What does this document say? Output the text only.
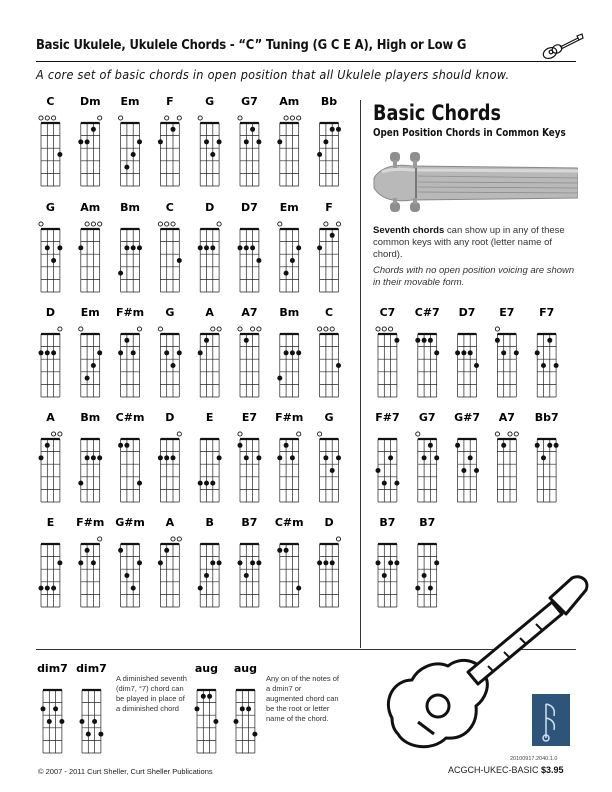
Basic Ukulele, Ukulele Chords - “C” Tuning (G C E A), High or Low G
A core set of basic chords in open position that all Ukulele players should know.
C Dm Em F	G G7 Am Bb
G Am Bm C	D D7 Em F
D Em F#m G	A A7 Bm C
A Bm C#m D	E	E7 F#m G
E F#m G#m A	B	B7 C#m D
C7 C#7 D7 E7 F7
F#7 G7 G#7 A7 Bb7
B7 B7
dim7 dim7	aug aug
Basic Chords
Open Position Chords in Common Keys
Seventh chords can show up in any of these common keys with any root (letter name of chord).
Chords with no open position voicing are shown in their movable form.
A diminished seventh (dim7, °7) chord can be played in place of a diminished chord
Any on of the notes of a dmin7 or augmented chord can be the root or letter name of the chord.
© 2007 - 2011 Curt Sheller, Curt Sheller Publications
20100917.2040.1.0
ACGCH-UKEC-BASIC $3.95
